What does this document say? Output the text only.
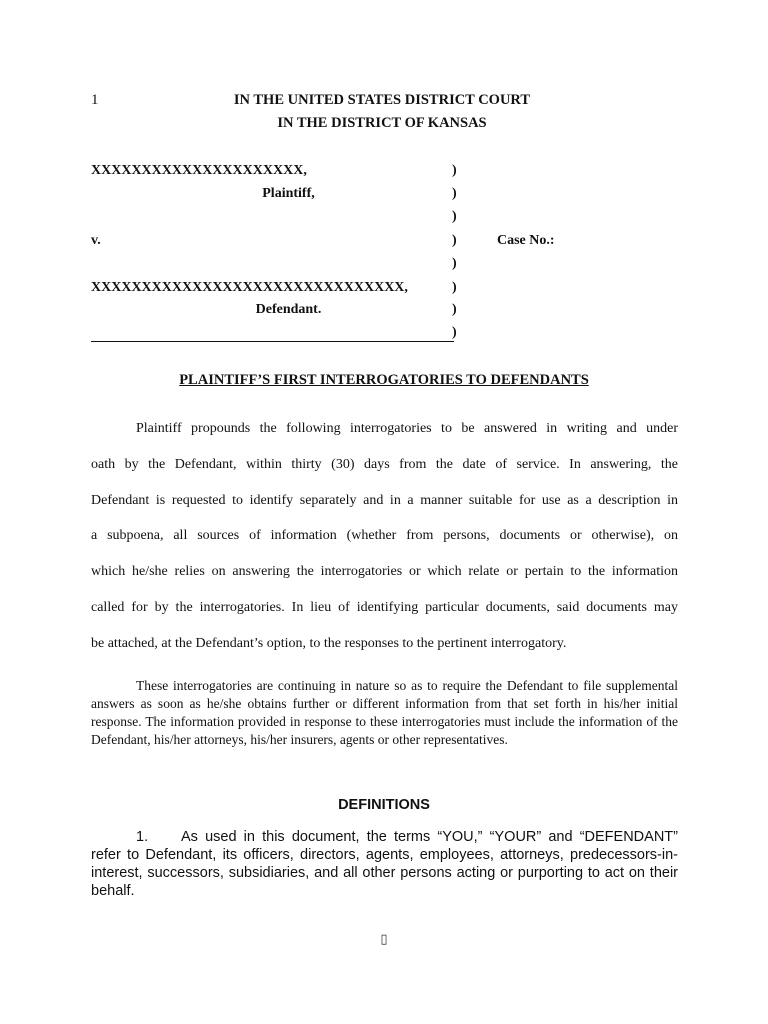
1	IN THE UNITED STATES DISTRICT COURT
IN THE DISTRICT OF KANSAS
XXXXXXXXXXXXXXXXXXXXX,
Plaintiff,
v.
XXXXXXXXXXXXXXXXXXXXXXXXXXXXXXX,
Defendant.
)
)
)
)
)
)
)
)
Case No.:
PLAINTIFF’S FIRST INTERROGATORIES TO DEFENDANTS
Plaintiff propounds the following interrogatories to be answered in writing and under
oath by the Defendant, within thirty (30) days from the date of service. In answering, the
Defendant is requested to identify separately and in a manner suitable for use as a description in
a subpoena, all sources of information (whether from persons, documents or otherwise), on
which he/she relies on answering the interrogatories or which relate or pertain to the information
called for by the interrogatories. In lieu of identifying particular documents, said documents may
be attached, at the Defendant’s option, to the responses to the pertinent interrogatory.
These interrogatories are continuing in nature so as to require the Defendant to file supplemental answers as soon as he/she obtains further or different information from that set forth in his/her initial response. The information provided in response to these interrogatories must include the information of the Defendant, his/her attorneys, his/her insurers, agents or other representatives.
DEFINITIONS
1. As used in this document, the terms “YOU,” “YOUR” and “DEFENDANT” refer to Defendant, its officers, directors, agents, employees, attorneys, predecessors-in-interest, successors, subsidiaries, and all other persons acting or purporting to act on their behalf.
▯
